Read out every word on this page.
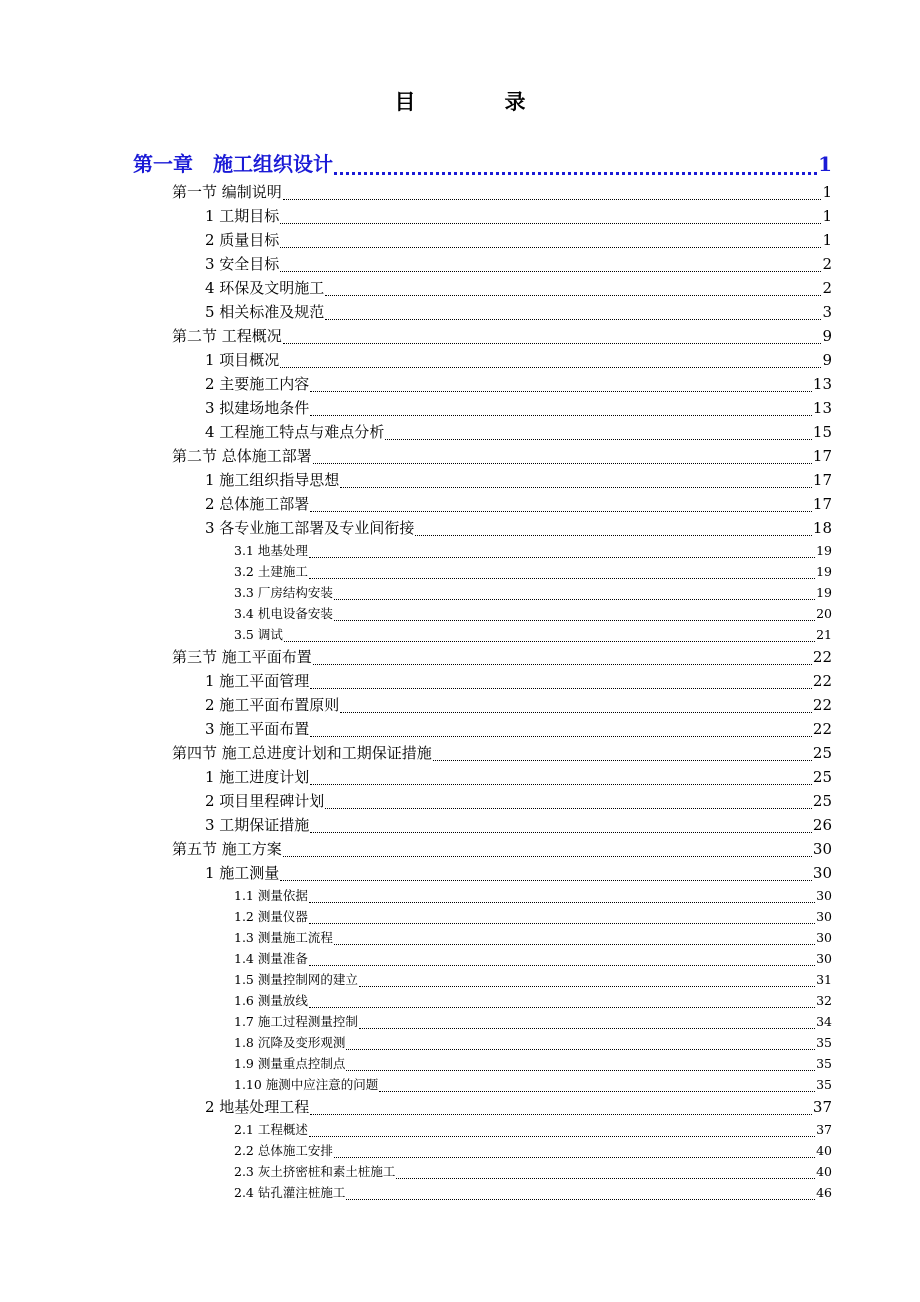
目　录
第一章　施工组织设计	1
第一节 编制说明	1
1 工期目标	1
2 质量目标	1
3 安全目标	2
4 环保及文明施工	2
5 相关标准及规范	3
第二节 工程概况	9
1 项目概况	9
2 主要施工内容	13
3 拟建场地条件	13
4 工程施工特点与难点分析	15
第二节 总体施工部署	17
1 施工组织指导思想	17
2 总体施工部署	17
3 各专业施工部署及专业间衔接	18
3.1 地基处理	19
3.2 土建施工	19
3.3 厂房结构安装	19
3.4 机电设备安装	20
3.5 调试	21
第三节 施工平面布置	22
1 施工平面管理	22
2 施工平面布置原则	22
3 施工平面布置	22
第四节 施工总进度计划和工期保证措施	25
1 施工进度计划	25
2 项目里程碑计划	25
3 工期保证措施	26
第五节 施工方案	30
1 施工测量	30
1.1 测量依据	30
1.2 测量仪器	30
1.3 测量施工流程	30
1.4 测量准备	30
1.5 测量控制网的建立	31
1.6 测量放线	32
1.7 施工过程测量控制	34
1.8 沉降及变形观测	35
1.9 测量重点控制点	35
1.10 施测中应注意的问题	35
2 地基处理工程	37
2.1 工程概述	37
2.2 总体施工安排	40
2.3 灰土挤密桩和素土桩施工	40
2.4 钻孔灌注桩施工	46
